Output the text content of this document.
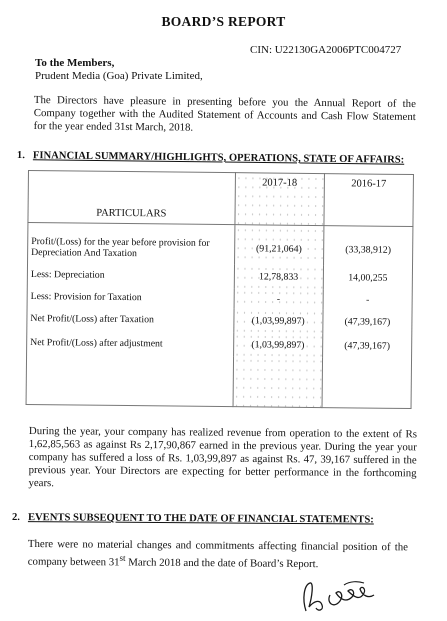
BOARD’S REPORT
CIN: U22130GA2006PTC004727
To the Members,
Prudent Media (Goa) Private Limited,
The Directors have pleasure in presenting before you the Annual Report of the Company together with the Audited Statement of Accounts and Cash Flow Statement for the year ended 31st March, 2018.
1. FINANCIAL SUMMARY/HIGHLIGHTS, OPERATIONS, STATE OF AFFAIRS:
PARTICULARS	2017-18	2016-17
Profit/(Loss) for the year before provision for Depreciation And Taxation	(91,21,064)	(33,38,912)
Less: Depreciation	12,78,833	14,00,255
Less: Provision for Taxation	-	-
Net Profit/(Loss) after Taxation	(1,03,99,897)	(47,39,167)
Net Profit/(Loss) after adjustment	(1,03,99,897)	(47,39,167)

During the year, your company has realized revenue from operation to the extent of Rs 1,62,85,563 as against Rs 2,17,90,867 earned in the previous year. During the year your company has suffered a loss of Rs. 1,03,99,897 as against Rs. 47, 39,167 suffered in the previous year. Your Directors are expecting for better performance in the forthcoming years.
2. EVENTS SUBSEQUENT TO THE DATE OF FINANCIAL STATEMENTS:
There were no material changes and commitments affecting financial position of the company between 31st March 2018 and the date of Board’s Report.
